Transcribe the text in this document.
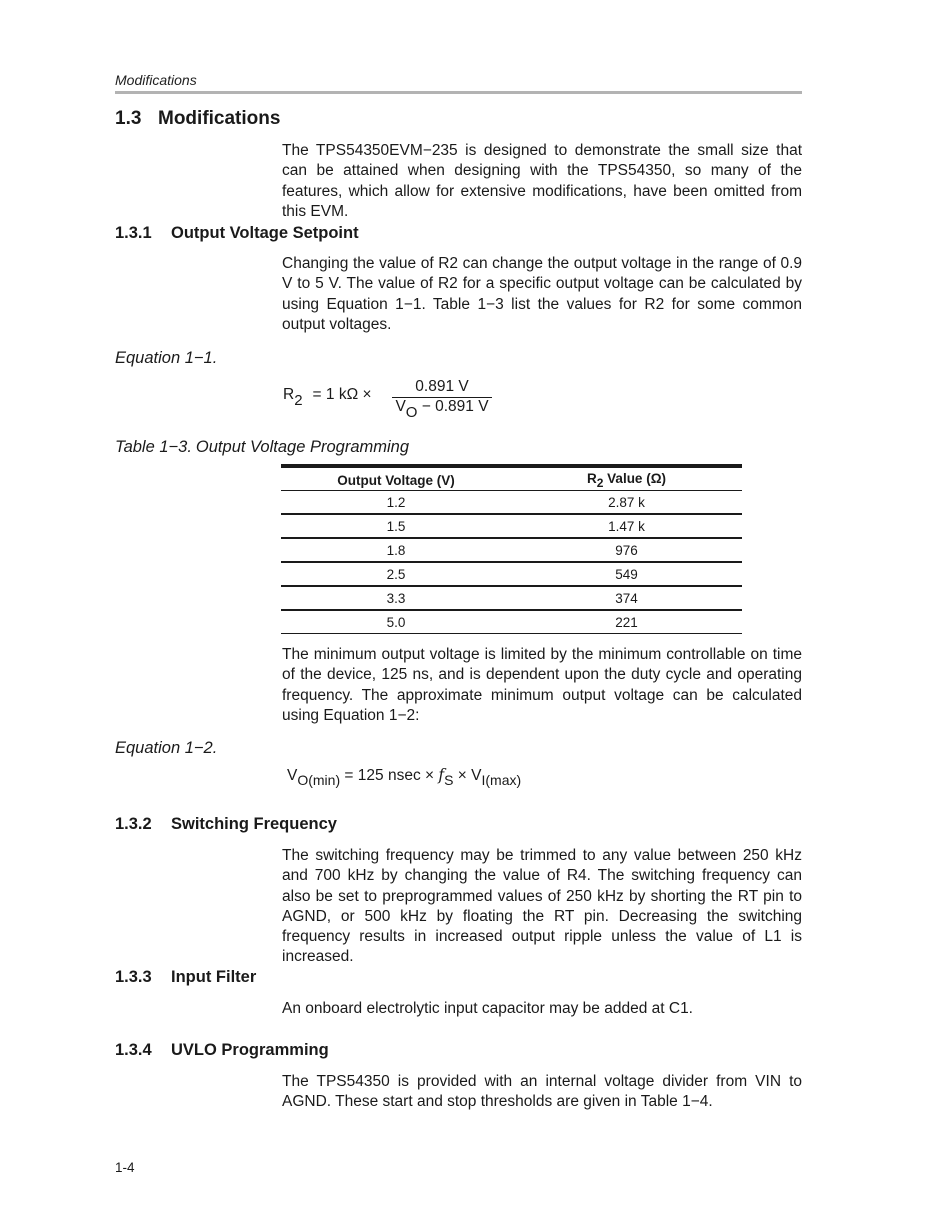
Modifications
1.3 Modifications
The TPS54350EVM−235 is designed to demonstrate the small size that can be attained when designing with the TPS54350, so many of the features, which allow for extensive modifications, have been omitted from this EVM.
1.3.1 Output Voltage Setpoint
Changing the value of R2 can change the output voltage in the range of 0.9 V to 5 V. The value of R2 for a specific output voltage can be calculated by using Equation 1−1. Table 1−3 list the values for R2 for some common output voltages.
Equation 1−1.
$R_2 = 1$ kΩ ×	0.891 V
$V_O - 0.891$ V
Table 1−3. Output Voltage Programming
Output Voltage (V)	$R_2$ Value (Ω)
1.2	2.87 k
1.5	1.47 k
1.8	976
2.5	549
3.3	374
5.0	221
The minimum output voltage is limited by the minimum controllable on time of the device, 125 ns, and is dependent upon the duty cycle and operating frequency. The approximate minimum output voltage can be calculated using Equation 1−2:
Equation 1−2.
$V_{O(min)} = 125$ $nsec \times f_S \times V_{I(max)}$
1.3.2 Switching Frequency
The switching frequency may be trimmed to any value between 250 kHz and 700 kHz by changing the value of R4. The switching frequency can also be set to preprogrammed values of 250 kHz by shorting the RT pin to AGND, or 500 kHz by floating the RT pin. Decreasing the switching frequency results in increased output ripple unless the value of L1 is increased.
1.3.3 Input Filter
An onboard electrolytic input capacitor may be added at C1.
1.3.4 UVLO Programming
The TPS54350 is provided with an internal voltage divider from VIN to AGND. These start and stop thresholds are given in Table 1−4.
1-4
